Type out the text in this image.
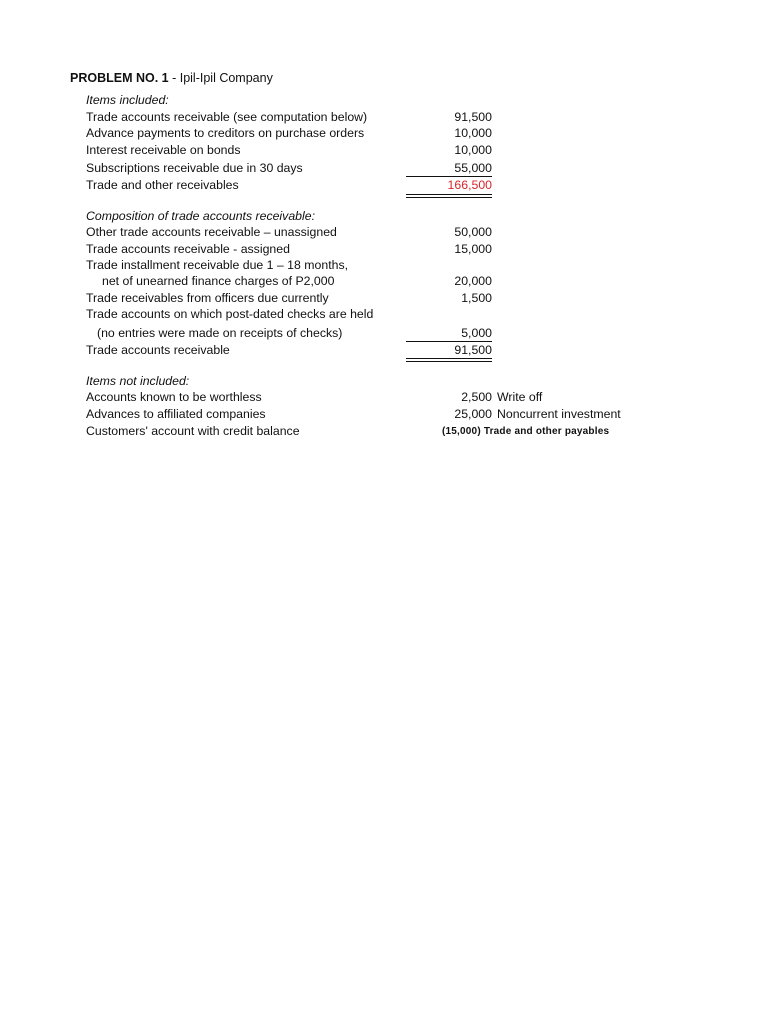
PROBLEM NO. 1 - Ipil-Ipil Company
Items included:
Trade accounts receivable (see computation below)	91,500
Advance payments to creditors on purchase orders	10,000
Interest receivable on bonds	10,000
Subscriptions receivable due in 30 days	55,000
Trade and other receivables	166,500
Composition of trade accounts receivable:
Other trade accounts receivable – unassigned	50,000
Trade accounts receivable - assigned	15,000
Trade installment receivable due 1 – 18 months,
net of unearned finance charges of P2,000	20,000
Trade receivables from officers due currently	1,500
Trade accounts on which post-dated checks are held
(no entries were made on receipts of checks)	5,000
Trade accounts receivable	91,500
Items not included:
Accounts known to be worthless	2,500 Write off
Advances to affiliated companies	25,000 Noncurrent investment
Customers' account with credit balance	(15,000) Trade and other payables
